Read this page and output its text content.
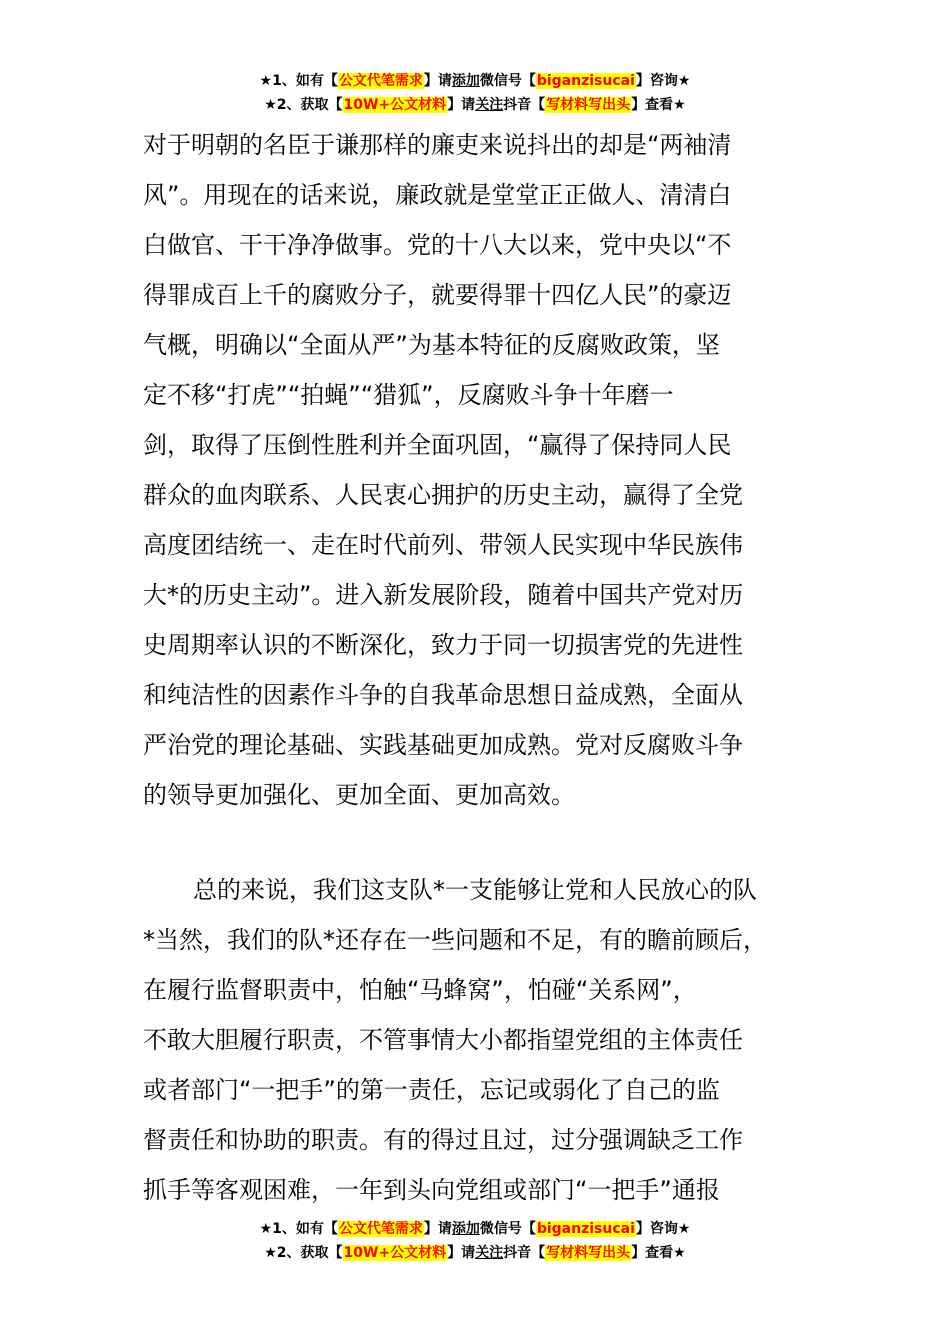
★1、如有【公文代笔需求】请添加微信号【biganzisucai】咨询★
★2、获取【10W+公文材料】请关注抖音【写材料写出头】查看★
对于明朝的名臣于谦那样的廉吏来说抖出的却是“两袖清
风”。用现在的话来说，廉政就是堂堂正正做人、清清白
白做官、干干净净做事。党的十八大以来，党中央以“不
得罪成百上千的腐败分子，就要得罪十四亿人民”的豪迈
气概，明确以“全面从严”为基本特征的反腐败政策，坚
定不移“打虎”“拍蝇”“猎狐”，反腐败斗争十年磨一
剑，取得了压倒性胜利并全面巩固，“赢得了保持同人民
群众的血肉联系、人民衷心拥护的历史主动，赢得了全党
高度团结统一、走在时代前列、带领人民实现中华民族伟
大*的历史主动”。进入新发展阶段，随着中国共产党对历
史周期率认识的不断深化，致力于同一切损害党的先进性
和纯洁性的因素作斗争的自我革命思想日益成熟，全面从
严治党的理论基础、实践基础更加成熟。党对反腐败斗争
的领导更加强化、更加全面、更加高效。
总的来说，我们这支队*一支能够让党和人民放心的队
*当然，我们的队*还存在一些问题和不足，有的瞻前顾后，
在履行监督职责中，怕触“马蜂窝”，怕碰“关系网”，
不敢大胆履行职责，不管事情大小都指望党组的主体责任
或者部门“一把手”的第一责任，忘记或弱化了自己的监
督责任和协助的职责。有的得过且过，过分强调缺乏工作
抓手等客观困难，一年到头向党组或部门“一把手”通报
★1、如有【公文代笔需求】请添加微信号【biganzisucai】咨询★
★2、获取【10W+公文材料】请关注抖音【写材料写出头】查看★
